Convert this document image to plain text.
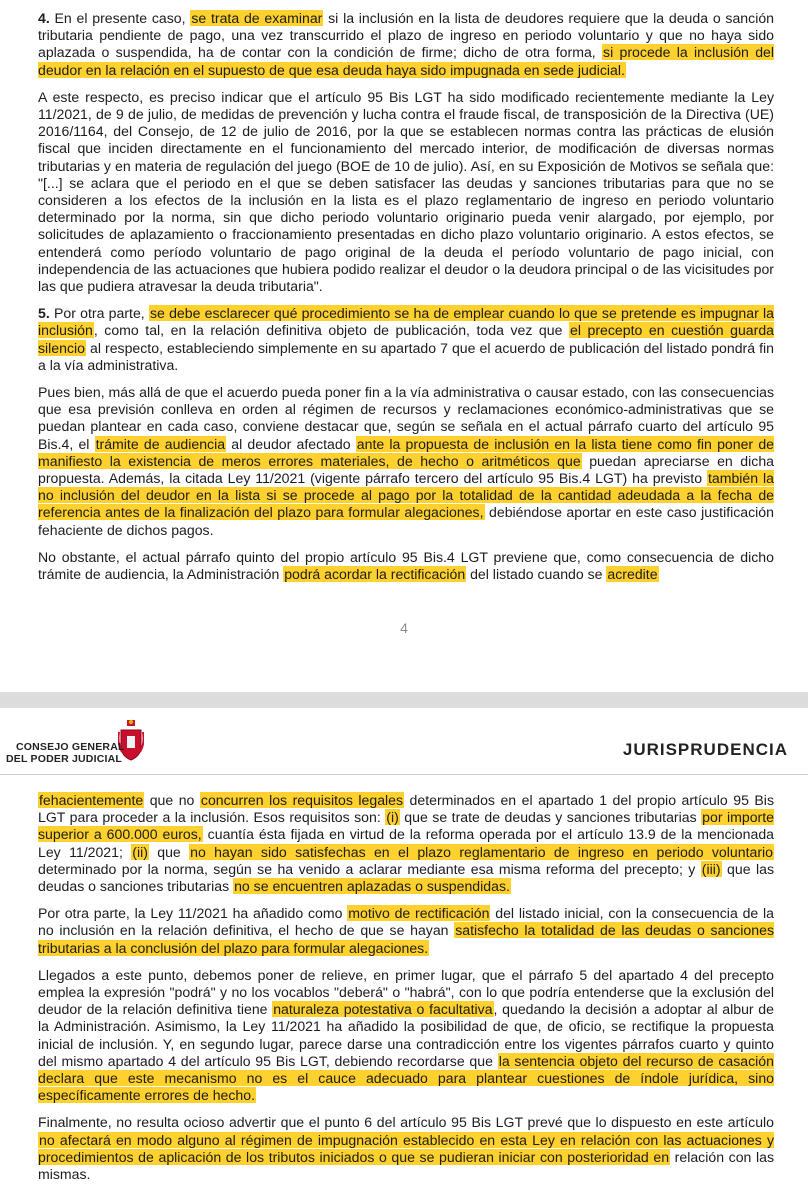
4. En el presente caso, se trata de examinar si la inclusión en la lista de deudores requiere que la deuda o sanción tributaria pendiente de pago, una vez transcurrido el plazo de ingreso en periodo voluntario y que no haya sido aplazada o suspendida, ha de contar con la condición de firme; dicho de otra forma, si procede la inclusión del deudor en la relación en el supuesto de que esa deuda haya sido impugnada en sede judicial.

A este respecto, es preciso indicar que el artículo 95 Bis LGT ha sido modificado recientemente mediante la Ley 11/2021, de 9 de julio, de medidas de prevención y lucha contra el fraude fiscal, de transposición de la Directiva (UE) 2016/1164, del Consejo, de 12 de julio de 2016, por la que se establecen normas contra las prácticas de elusión fiscal que inciden directamente en el funcionamiento del mercado interior, de modificación de diversas normas tributarias y en materia de regulación del juego (BOE de 10 de julio). Así, en su Exposición de Motivos se señala que: "[...] se aclara que el periodo en el que se deben satisfacer las deudas y sanciones tributarias para que no se consideren a los efectos de la inclusión en la lista es el plazo reglamentario de ingreso en periodo voluntario determinado por la norma, sin que dicho periodo voluntario originario pueda venir alargado, por ejemplo, por solicitudes de aplazamiento o fraccionamiento presentadas en dicho plazo voluntario originario. A estos efectos, se entenderá como período voluntario de pago original de la deuda el período voluntario de pago inicial, con independencia de las actuaciones que hubiera podido realizar el deudor o la deudora principal o de las vicisitudes por las que pudiera atravesar la deuda tributaria".

5. Por otra parte, se debe esclarecer qué procedimiento se ha de emplear cuando lo que se pretende es impugnar la inclusión, como tal, en la relación definitiva objeto de publicación, toda vez que el precepto en cuestión guarda silencio al respecto, estableciendo simplemente en su apartado 7 que el acuerdo de publicación del listado pondrá fin a la vía administrativa.

Pues bien, más allá de que el acuerdo pueda poner fin a la vía administrativa o causar estado, con las consecuencias que esa previsión conlleva en orden al régimen de recursos y reclamaciones económico-administrativas que se puedan plantear en cada caso, conviene destacar que, según se señala en el actual párrafo cuarto del artículo 95 Bis.4, el trámite de audiencia al deudor afectado ante la propuesta de inclusión en la lista tiene como fin poner de manifiesto la existencia de meros errores materiales, de hecho o aritméticos que puedan apreciarse en dicha propuesta. Además, la citada Ley 11/2021 (vigente párrafo tercero del artículo 95 Bis.4 LGT) ha previsto también la no inclusión del deudor en la lista si se procede al pago por la totalidad de la cantidad adeudada a la fecha de referencia antes de la finalización del plazo para formular alegaciones, debiéndose aportar en este caso justificación fehaciente de dichos pagos.

No obstante, el actual párrafo quinto del propio artículo 95 Bis.4 LGT previene que, como consecuencia de dicho trámite de audiencia, la Administración podrá acordar la rectificación del listado cuando se acredite

4
CONSEJO GENERAL
DEL PODER JUDICIAL	JURISPRUDENCIA

fehacientemente que no concurren los requisitos legales determinados en el apartado 1 del propio artículo 95 Bis LGT para proceder a la inclusión. Esos requisitos son: (i) que se trate de deudas y sanciones tributarias por importe superior a 600.000 euros, cuantía ésta fijada en virtud de la reforma operada por el artículo 13.9 de la mencionada Ley 11/2021; (ii) que no hayan sido satisfechas en el plazo reglamentario de ingreso en periodo voluntario determinado por la norma, según se ha venido a aclarar mediante esa misma reforma del precepto; y (iii) que las deudas o sanciones tributarias no se encuentren aplazadas o suspendidas.

Por otra parte, la Ley 11/2021 ha añadido como motivo de rectificación del listado inicial, con la consecuencia de la no inclusión en la relación definitiva, el hecho de que se hayan satisfecho la totalidad de las deudas o sanciones tributarias a la conclusión del plazo para formular alegaciones.

Llegados a este punto, debemos poner de relieve, en primer lugar, que el párrafo 5 del apartado 4 del precepto emplea la expresión "podrá" y no los vocablos "deberá" o "habrá", con lo que podría entenderse que la exclusión del deudor de la relación definitiva tiene naturaleza potestativa o facultativa, quedando la decisión a adoptar al albur de la Administración. Asimismo, la Ley 11/2021 ha añadido la posibilidad de que, de oficio, se rectifique la propuesta inicial de inclusión. Y, en segundo lugar, parece darse una contradicción entre los vigentes párrafos cuarto y quinto del mismo apartado 4 del artículo 95 Bis LGT, debiendo recordarse que la sentencia objeto del recurso de casación declara que este mecanismo no es el cauce adecuado para plantear cuestiones de índole jurídica, sino específicamente errores de hecho.

Finalmente, no resulta ocioso advertir que el punto 6 del artículo 95 Bis LGT prevé que lo dispuesto en este artículo no afectará en modo alguno al régimen de impugnación establecido en esta Ley en relación con las actuaciones y procedimientos de aplicación de los tributos iniciados o que se pudieran iniciar con posterioridad en relación con las mismas.
